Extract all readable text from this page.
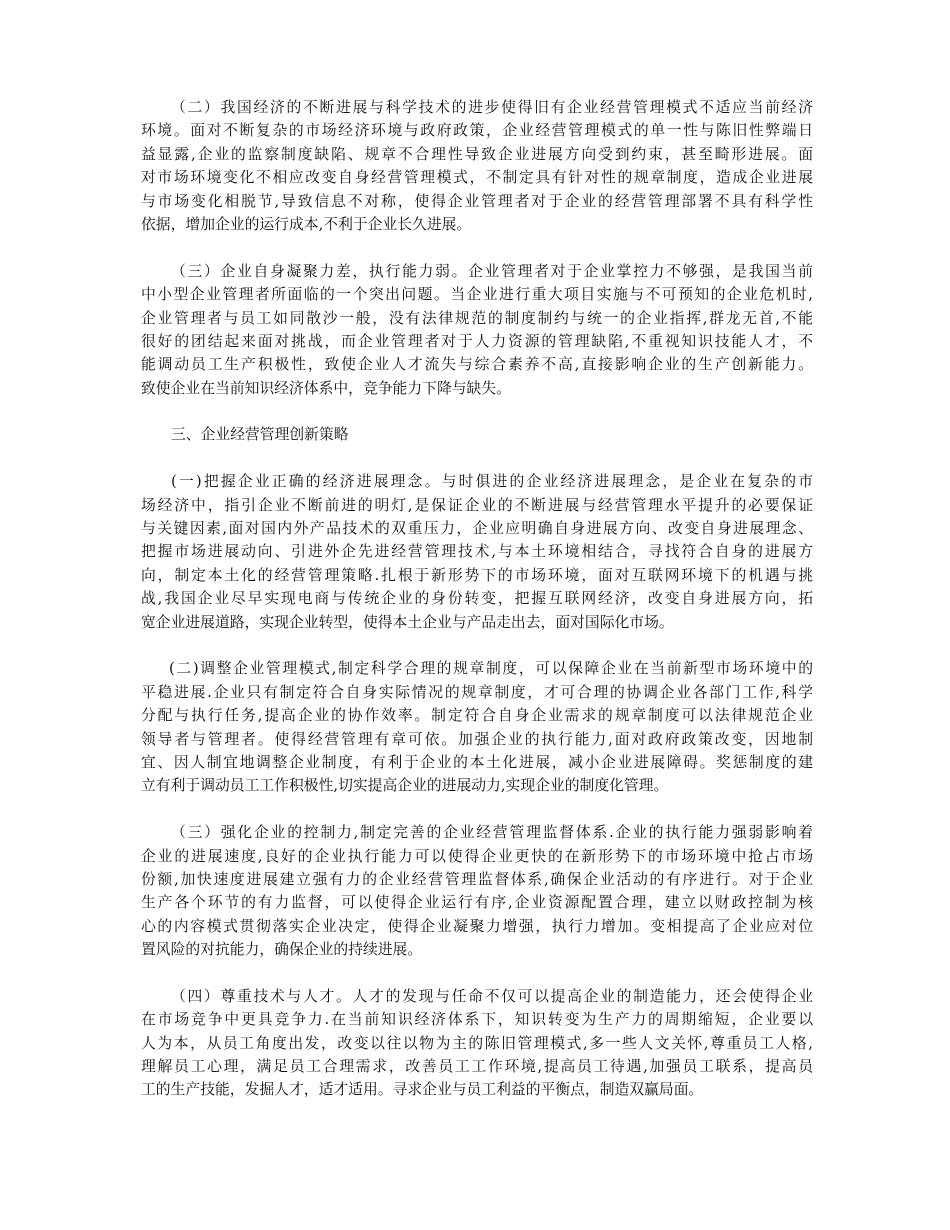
（二）我国经济的不断进展与科学技术的进步使得旧有企业经营管理模式不适应当前经济
环境。面对不断复杂的市场经济环境与政府政策，企业经营管理模式的单一性与陈旧性弊端日
益显露,企业的监察制度缺陷、规章不合理性导致企业进展方向受到约束，甚至畸形进展。面
对市场环境变化不相应改变自身经营管理模式，不制定具有针对性的规章制度，造成企业进展
与市场变化相脱节,导致信息不对称，使得企业管理者对于企业的经营管理部署不具有科学性
依据，增加企业的运行成本,不利于企业长久进展。
（三）企业自身凝聚力差，执行能力弱。企业管理者对于企业掌控力不够强，是我国当前
中小型企业管理者所面临的一个突出问题。当企业进行重大项目实施与不可预知的企业危机时,
企业管理者与员工如同散沙一般，没有法律规范的制度制约与统一的企业指挥,群龙无首,不能
很好的团结起来面对挑战，而企业管理者对于人力资源的管理缺陷,不重视知识技能人才，不
能调动员工生产积极性，致使企业人才流失与综合素养不高,直接影响企业的生产创新能力。
致使企业在当前知识经济体系中，竞争能力下降与缺失。
三、企业经营管理创新策略
(一)把握企业正确的经济进展理念。与时俱进的企业经济进展理念，是企业在复杂的市
场经济中，指引企业不断前进的明灯,是保证企业的不断进展与经营管理水平提升的必要保证
与关键因素,面对国内外产品技术的双重压力，企业应明确自身进展方向、改变自身进展理念、
把握市场进展动向、引进外企先进经营管理技术,与本土环境相结合，寻找符合自身的进展方
向，制定本土化的经营管理策略.扎根于新形势下的市场环境，面对互联网环境下的机遇与挑
战,我国企业尽早实现电商与传统企业的身份转变，把握互联网经济，改变自身进展方向，拓
宽企业进展道路，实现企业转型，使得本土企业与产品走出去，面对国际化市场。
(二)调整企业管理模式,制定科学合理的规章制度，可以保障企业在当前新型市场环境中的
平稳进展.企业只有制定符合自身实际情况的规章制度，才可合理的协调企业各部门工作,科学
分配与执行任务,提高企业的协作效率。制定符合自身企业需求的规章制度可以法律规范企业
领导者与管理者。使得经营管理有章可依。加强企业的执行能力,面对政府政策改变，因地制
宜、因人制宜地调整企业制度，有利于企业的本土化进展，减小企业进展障碍。奖惩制度的建
立有利于调动员工工作积极性,切实提高企业的进展动力,实现企业的制度化管理。
（三）强化企业的控制力,制定完善的企业经营管理监督体系.企业的执行能力强弱影响着
企业的进展速度,良好的企业执行能力可以使得企业更快的在新形势下的市场环境中抢占市场
份额,加快速度进展建立强有力的企业经营管理监督体系,确保企业活动的有序进行。对于企业
生产各个环节的有力监督，可以使得企业运行有序,企业资源配置合理，建立以财政控制为核
心的内容模式贯彻落实企业决定，使得企业凝聚力增强，执行力增加。变相提高了企业应对位
置风险的对抗能力，确保企业的持续进展。
（四）尊重技术与人才。人才的发现与任命不仅可以提高企业的制造能力，还会使得企业
在市场竞争中更具竞争力.在当前知识经济体系下，知识转变为生产力的周期缩短，企业要以
人为本，从员工角度出发，改变以往以物为主的陈旧管理模式,多一些人文关怀,尊重员工人格,
理解员工心理，满足员工合理需求，改善员工工作环境,提高员工待遇,加强员工联系，提高员
工的生产技能，发掘人才，适才适用。寻求企业与员工利益的平衡点，制造双赢局面。
